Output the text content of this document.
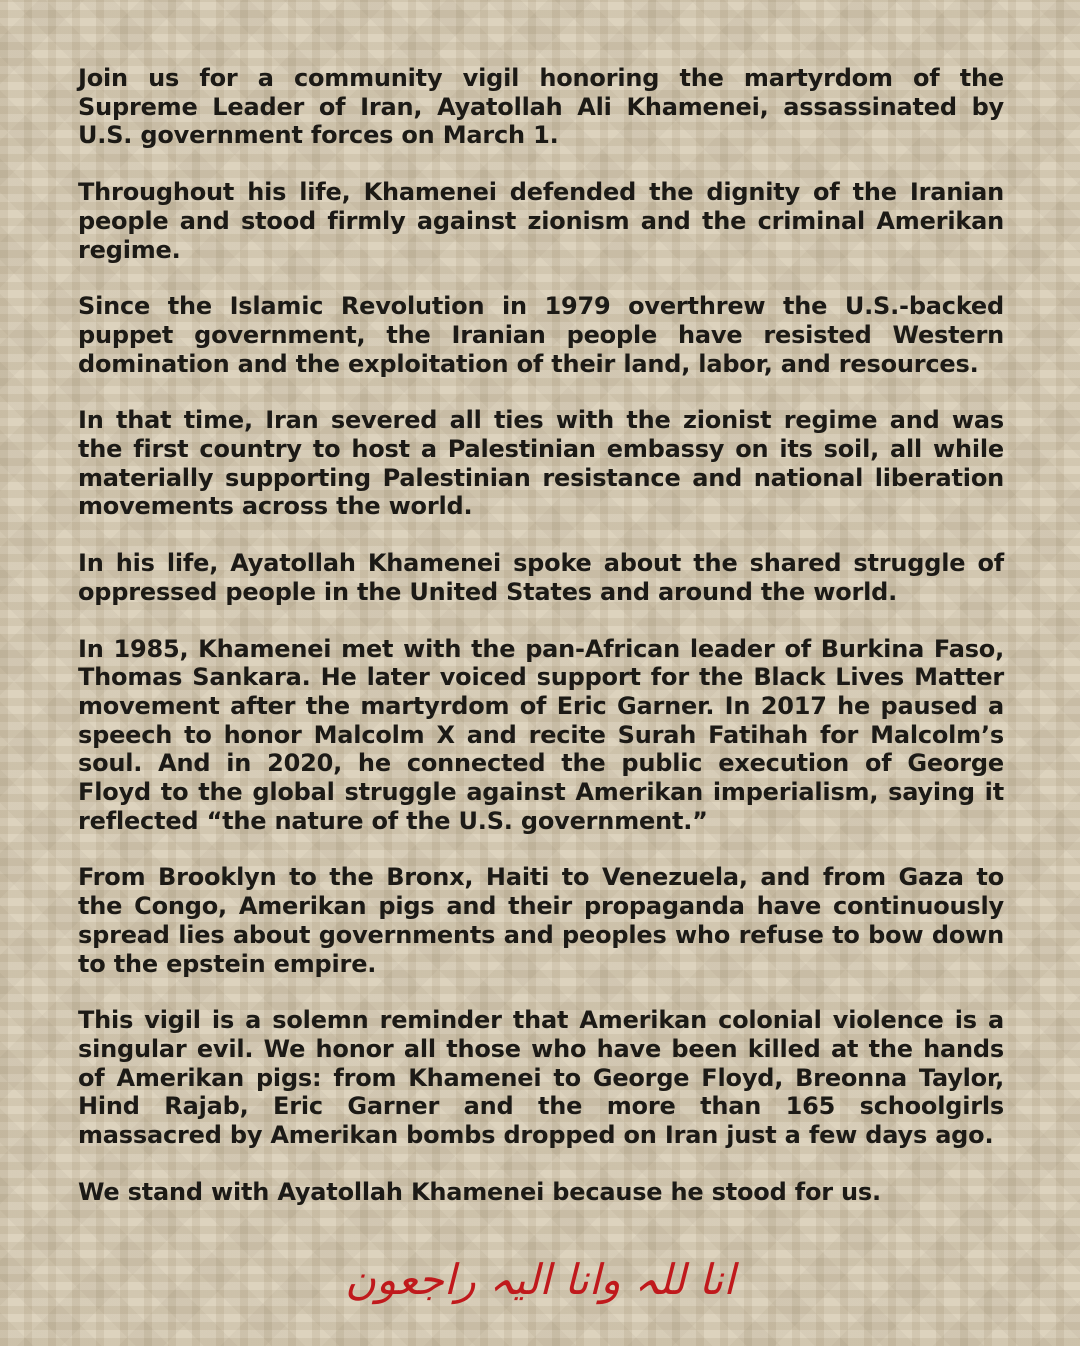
Join us for a community vigil honoring the martyrdom of the Supreme Leader of Iran, Ayatollah Ali Khamenei, assassinated by U.S. government forces on March 1.

Throughout his life, Khamenei defended the dignity of the Iranian people and stood firmly against zionism and the criminal Amerikan regime.

Since the Islamic Revolution in 1979 overthrew the U.S.-backed puppet government, the Iranian people have resisted Western domination and the exploitation of their land, labor, and resources.

In that time, Iran severed all ties with the zionist regime and was the first country to host a Palestinian embassy on its soil, all while materially supporting Palestinian resistance and national liberation movements across the world.

In his life, Ayatollah Khamenei spoke about the shared struggle of oppressed people in the United States and around the world.

In 1985, Khamenei met with the pan-African leader of Burkina Faso, Thomas Sankara. He later voiced support for the Black Lives Matter movement after the martyrdom of Eric Garner. In 2017 he paused a speech to honor Malcolm X and recite Surah Fatihah for Malcolm’s soul. And in 2020, he connected the public execution of George Floyd to the global struggle against Amerikan imperialism, saying it reflected “the nature of the U.S. government.”

From Brooklyn to the Bronx, Haiti to Venezuela, and from Gaza to the Congo, Amerikan pigs and their propaganda have continuously spread lies about governments and peoples who refuse to bow down to the epstein empire.

This vigil is a solemn reminder that Amerikan colonial violence is a singular evil. We honor all those who have been killed at the hands of Amerikan pigs: from Khamenei to George Floyd, Breonna Taylor, Hind Rajab, Eric Garner and the more than 165 schoolgirls massacred by Amerikan bombs dropped on Iran just a few days ago.

We stand with Ayatollah Khamenei because he stood for us.

انا للہ وانا الیہ راجعون
